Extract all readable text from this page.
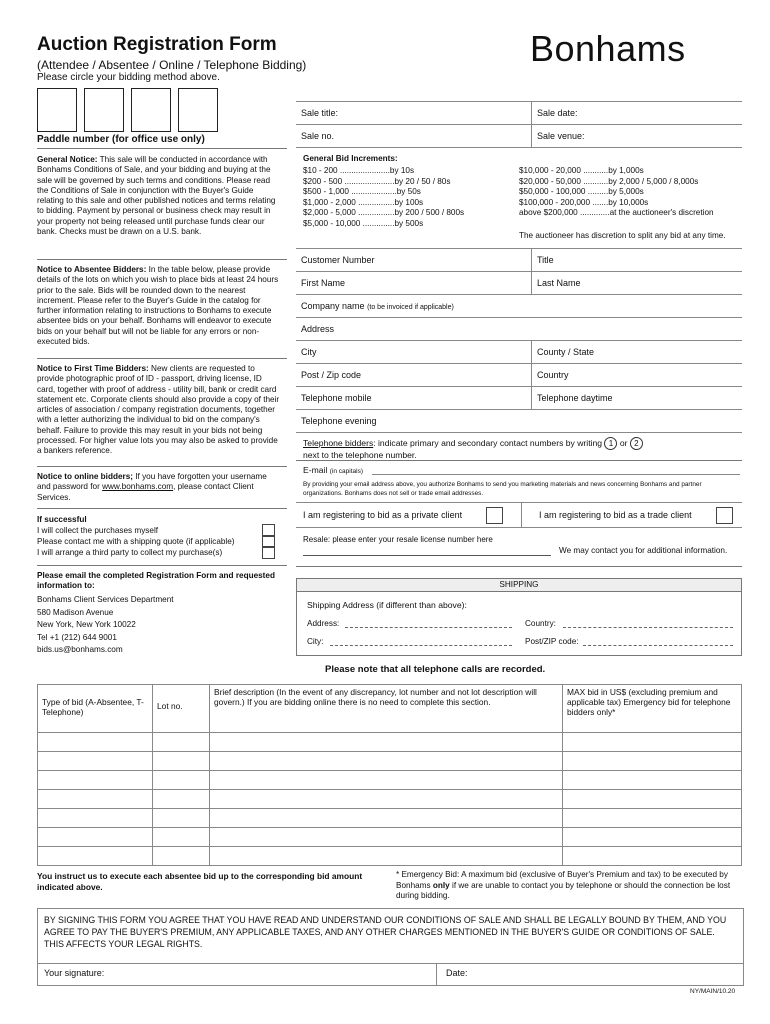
Auction Registration Form
(Attendee / Absentee / Online / Telephone Bidding)
Please circle your bidding method above.
Bonhams
Paddle number (for office use only)
General Notice: This sale will be conducted in accordance with Bonhams Conditions of Sale, and your bidding and buying at the sale will be governed by such terms and conditions. Please read the Conditions of Sale in conjunction with the Buyer's Guide relating to this sale and other published notices and terms relating to bidding. Payment by personal or business check may result in your property not being released until purchase funds clear our bank. Checks must be drawn on a U.S. bank.
Notice to Absentee Bidders: In the table below, please provide details of the lots on which you wish to place bids at least 24 hours prior to the sale. Bids will be rounded down to the nearest increment. Please refer to the Buyer's Guide in the catalog for further information relating to instructions to Bonhams to execute absentee bids on your behalf. Bonhams will endeavor to execute bids on your behalf but will not be liable for any errors or non-executed bids.
Notice to First Time Bidders: New clients are requested to provide photographic proof of ID - passport, driving license, ID card, together with proof of address - utility bill, bank or credit card statement etc. Corporate clients should also provide a copy of their articles of association / company registration documents, together with a letter authorizing the individual to bid on the company's behalf. Failure to provide this may result in your bids not being processed. For higher value lots you may also be asked to provide a bankers reference.
Notice to online bidders; If you have forgotten your username and password for www.bonhams.com, please contact Client Services.
If successful
I will collect the purchases myself
Please contact me with a shipping quote (if applicable)
I will arrange a third party to collect my purchase(s)
Please email the completed Registration Form and requested information to:
Bonhams Client Services Department
580 Madison Avenue
New York, New York 10022
Tel +1 (212) 644 9001
bids.us@bonhams.com
Sale title:	Sale date:
Sale no.	Sale venue:
General Bid Increments:
$10 - 200 ......................by 10s
$200 - 500 ......................by 20 / 50 / 80s
$500 - 1,000 ....................by 50s
$1,000 - 2,000 ................by 100s
$2,000 - 5,000 ................by 200 / 500 / 800s
$5,000 - 10,000 ..............by 500s
$10,000 - 20,000 ...........by 1,000s
$20,000 - 50,000 ...........by 2,000 / 5,000 / 8,000s
$50,000 - 100,000 .........by 5,000s
$100,000 - 200,000 .......by 10,000s
above $200,000 .............at the auctioneer's discretion
The auctioneer has discretion to split any bid at any time.
Customer Number	Title
First Name	Last Name
Company name (to be invoiced if applicable)	
Address	
City	County / State
Post / Zip code	Country
Telephone mobile	Telephone daytime
Telephone evening	
Telephone bidders: indicate primary and secondary contact numbers by writing 1 or 2
next to the telephone number.
E-mail (in capitals)
By providing your email address above, you authorize Bonhams to send you marketing materials and news concerning Bonhams and partner organizations. Bonhams does not sell or trade email addresses.
I am registering to bid as a private client	I am registering to bid as a trade client
Resale: please enter your resale license number here
We may contact you for additional information.
SHIPPING
Shipping Address (if different than above):
Address:	Country:
City:	Post/ZIP code:
Please note that all telephone calls are recorded.
Type of bid (A-Absentee, T-Telephone)	Lot no.	Brief description (In the event of any discrepancy, lot number and not lot description will govern.) If you are bidding online there is no need to complete this section.	MAX bid in US$ (excluding premium and applicable tax) Emergency bid for telephone bidders only*

You instruct us to execute each absentee bid up to the corresponding bid amount indicated above.
* Emergency Bid: A maximum bid (exclusive of Buyer's Premium and tax) to be executed by Bonhams only if we are unable to contact you by telephone or should the connection be lost during bidding.
BY SIGNING THIS FORM YOU AGREE THAT YOU HAVE READ AND UNDERSTAND OUR CONDITIONS OF SALE AND SHALL BE LEGALLY BOUND BY THEM, AND YOU AGREE TO PAY THE BUYER'S PREMIUM, ANY APPLICABLE TAXES, AND ANY OTHER CHARGES MENTIONED IN THE BUYER'S GUIDE OR CONDITIONS OF SALE. THIS AFFECTS YOUR LEGAL RIGHTS.
Your signature:	Date:
NY/MAIN/10.20
